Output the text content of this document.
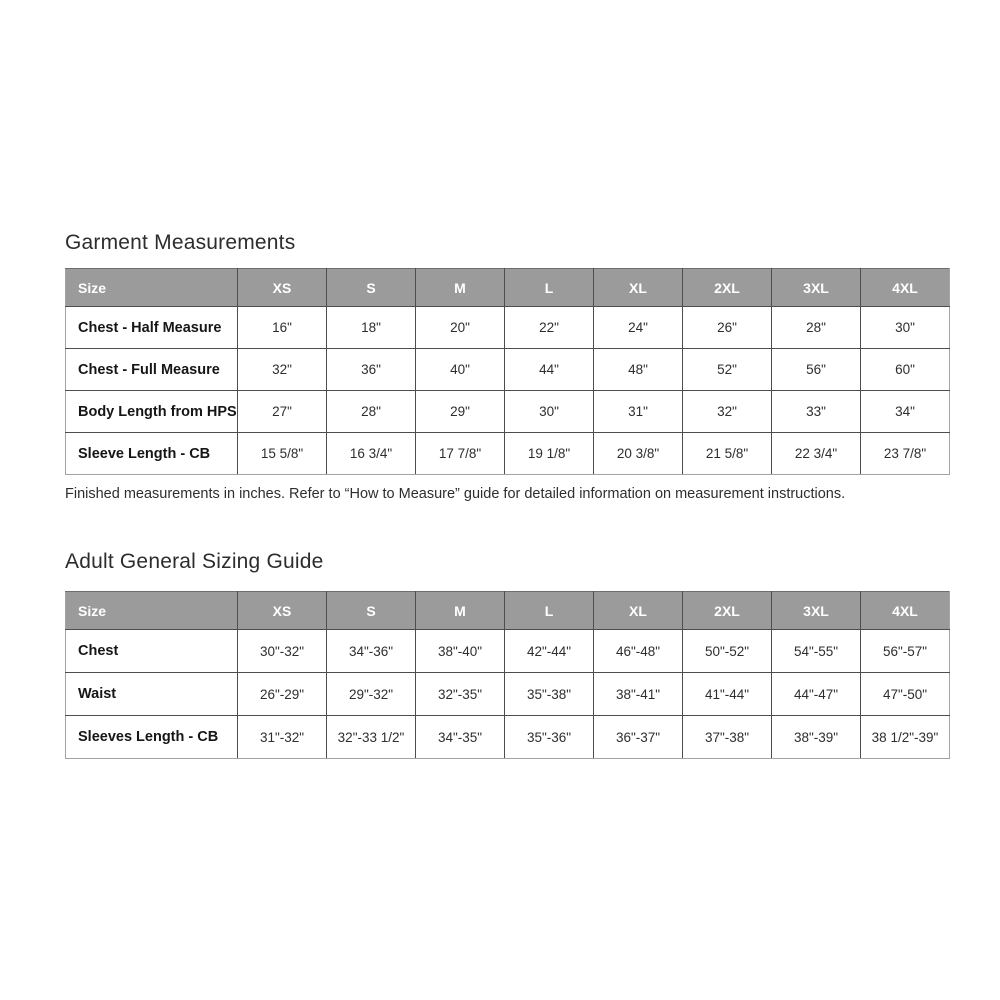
Garment Measurements
Size	XS	S	M	L	XL	2XL	3XL	4XL
Chest - Half Measure	16"	18"	20"	22"	24"	26"	28"	30"
Chest - Full Measure	32"	36"	40"	44"	48"	52"	56"	60"
Body Length from HPS	27"	28"	29"	30"	31"	32"	33"	34"
Sleeve Length - CB	15 5/8"	16 3/4"	17 7/8"	19 1/8"	20 3/8"	21 5/8"	22 3/4"	23 7/8"
Finished measurements in inches. Refer to “How to Measure” guide for detailed information on measurement instructions.
Adult General Sizing Guide
Size	XS	S	M	L	XL	2XL	3XL	4XL
Chest	30"-32"	34"-36"	38"-40"	42"-44"	46"-48"	50"-52"	54"-55"	56"-57"
Waist	26"-29"	29"-32"	32"-35"	35"-38"	38"-41"	41"-44"	44"-47"	47"-50"
Sleeves Length - CB	31"-32"	32"-33 1/2"	34"-35"	35"-36"	36"-37"	37"-38"	38"-39"	38 1/2"-39"
